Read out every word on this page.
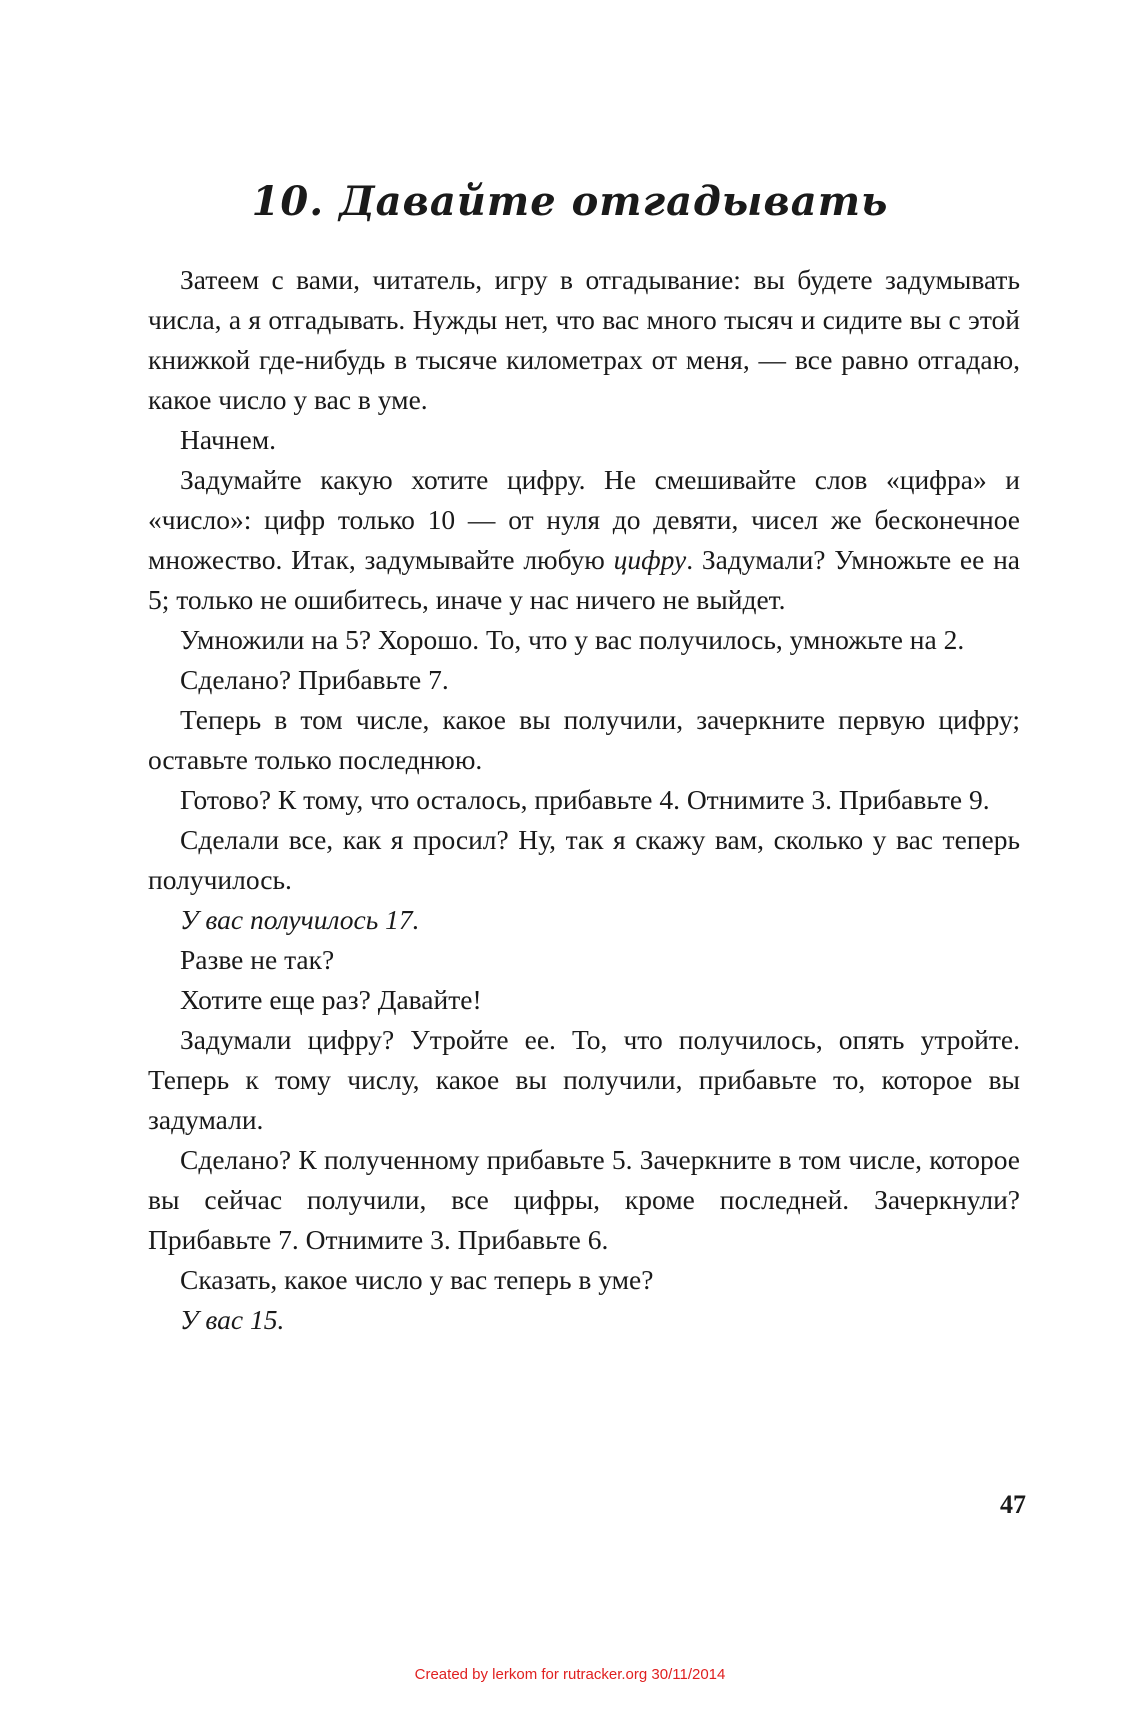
10. Давайте отгадывать

Затеем с вами, читатель, игру в отгадывание: вы будете задумывать числа, а я отгадывать. Нужды нет, что вас много тысяч и сидите вы с этой книжкой где-нибудь в тысяче километрах от меня, — все равно отгадаю, какое число у вас в уме.

Начнем.

Задумайте какую хотите цифру. Не смешивайте слов «цифра» и «число»: цифр только 10 — от нуля до девяти, чисел же бесконечное множество. Итак, задумывайте любую цифру. Задумали? Умножьте ее на 5; только не ошибитесь, иначе у нас ничего не выйдет.

Умножили на 5? Хорошо. То, что у вас получилось, умножьте на 2.

Сделано? Прибавьте 7.

Теперь в том числе, какое вы получили, зачеркните первую цифру; оставьте только последнюю.

Готово? К тому, что осталось, прибавьте 4. Отнимите 3. Прибавьте 9.

Сделали все, как я просил? Ну, так я скажу вам, сколько у вас теперь получилось.

У вас получилось 17.

Разве не так?

Хотите еще раз? Давайте!

Задумали цифру? Утройте ее. То, что получилось, опять утройте. Теперь к тому числу, какое вы получили, прибавьте то, которое вы задумали.

Сделано? К полученному прибавьте 5. Зачеркните в том числе, которое вы сейчас получили, все цифры, кроме последней. Зачеркнули? Прибавьте 7. Отнимите 3. Прибавьте 6.

Сказать, какое число у вас теперь в уме?

У вас 15.

47
Created by lerkom for rutracker.org 30/11/2014
